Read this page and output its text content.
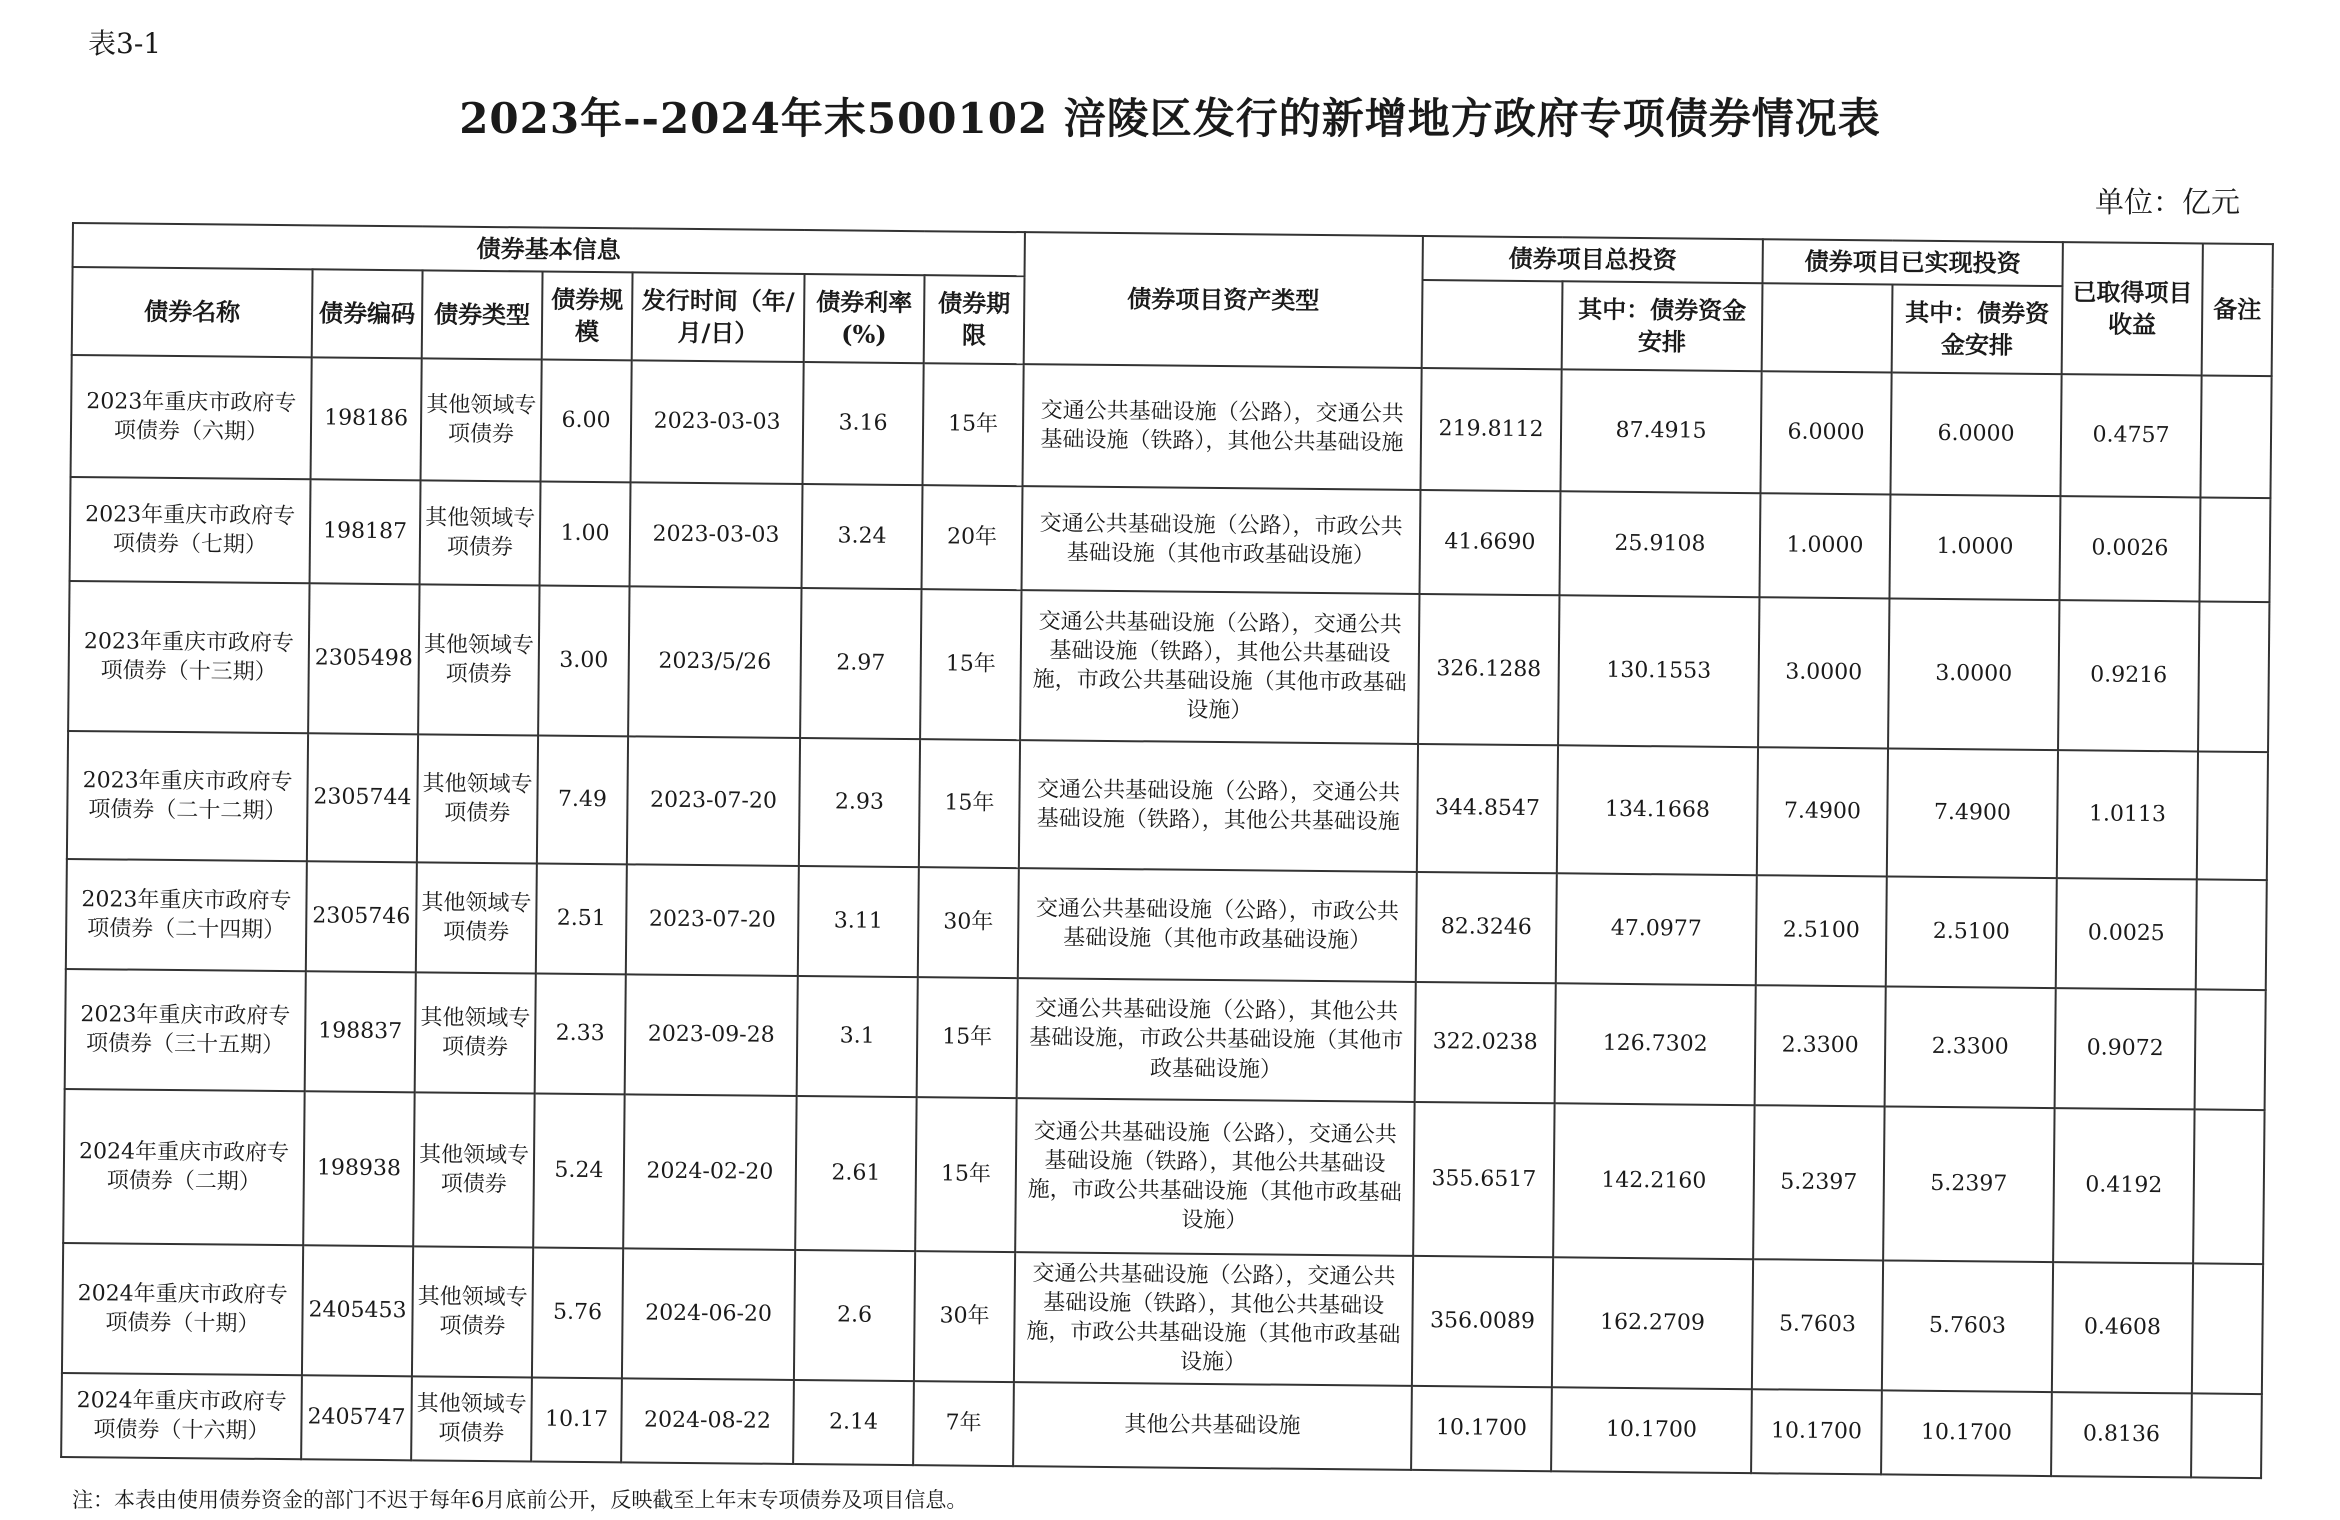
表3-1
2023年--2024年末500102 涪陵区发行的新增地方政府专项债券情况表
单位：亿元
债券基本信息							债券项目资产类型	债券项目总投资		债券项目已实现投资		已取得项目收益	备注
债券名称	债券编码	债券类型	债券规模	发行时间（年/月/日）	债券利率(%)	债券期限			其中：债券资金安排		其中：债券资金安排		
2023年重庆市政府专项债券（六期）	198186	其他领域专项债券	6.00	2023-03-03	3.16	15年	交通公共基础设施（公路），交通公共基础设施（铁路），其他公共基础设施	219.8112	87.4915	6.0000	6.0000	0.4757	
2023年重庆市政府专项债券（七期）	198187	其他领域专项债券	1.00	2023-03-03	3.24	20年	交通公共基础设施（公路），市政公共基础设施（其他市政基础设施）	41.6690	25.9108	1.0000	1.0000	0.0026	
2023年重庆市政府专项债券（十三期）	2305498	其他领域专项债券	3.00	2023/5/26	2.97	15年	交通公共基础设施（公路），交通公共基础设施（铁路），其他公共基础设施，市政公共基础设施（其他市政基础设施）	326.1288	130.1553	3.0000	3.0000	0.9216	
2023年重庆市政府专项债券（二十二期）	2305744	其他领域专项债券	7.49	2023-07-20	2.93	15年	交通公共基础设施（公路），交通公共基础设施（铁路），其他公共基础设施	344.8547	134.1668	7.4900	7.4900	1.0113	
2023年重庆市政府专项债券（二十四期）	2305746	其他领域专项债券	2.51	2023-07-20	3.11	30年	交通公共基础设施（公路），市政公共基础设施（其他市政基础设施）	82.3246	47.0977	2.5100	2.5100	0.0025	
2023年重庆市政府专项债券（三十五期）	198837	其他领域专项债券	2.33	2023-09-28	3.1	15年	交通公共基础设施（公路），其他公共基础设施，市政公共基础设施（其他市政基础设施）	322.0238	126.7302	2.3300	2.3300	0.9072	
2024年重庆市政府专项债券（二期）	198938	其他领域专项债券	5.24	2024-02-20	2.61	15年	交通公共基础设施（公路），交通公共基础设施（铁路），其他公共基础设施，市政公共基础设施（其他市政基础设施）	355.6517	142.2160	5.2397	5.2397	0.4192	
2024年重庆市政府专项债券（十期）	2405453	其他领域专项债券	5.76	2024-06-20	2.6	30年	交通公共基础设施（公路），交通公共基础设施（铁路），其他公共基础设施，市政公共基础设施（其他市政基础设施）	356.0089	162.2709	5.7603	5.7603	0.4608	
2024年重庆市政府专项债券（十六期）	2405747	其他领域专项债券	10.17	2024-08-22	2.14	7年	其他公共基础设施	10.1700	10.1700	10.1700	10.1700	0.8136	
注：本表由使用债券资金的部门不迟于每年6月底前公开，反映截至上年末专项债券及项目信息。
